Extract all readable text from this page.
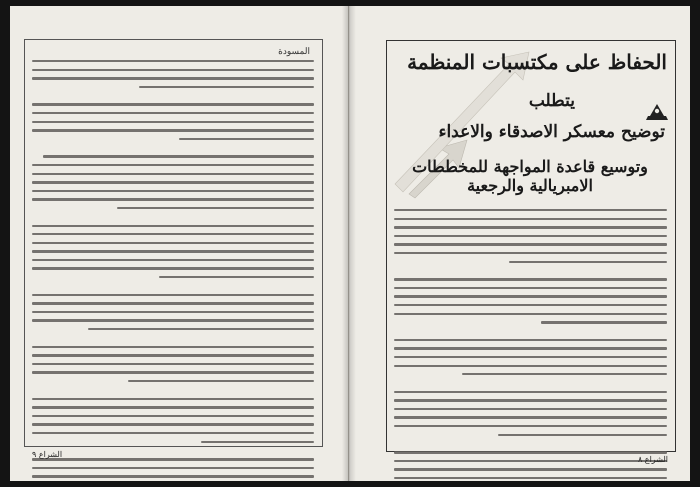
المسودة
الشراع ٩
الحفاظ على مكتسبات المنظمة
يتطلب
توضيح معسكر الاصدقاء والاعداء
وتوسيع قاعدة المواجهة للمخططات الامبريالية والرجعية
الشراع ٨
